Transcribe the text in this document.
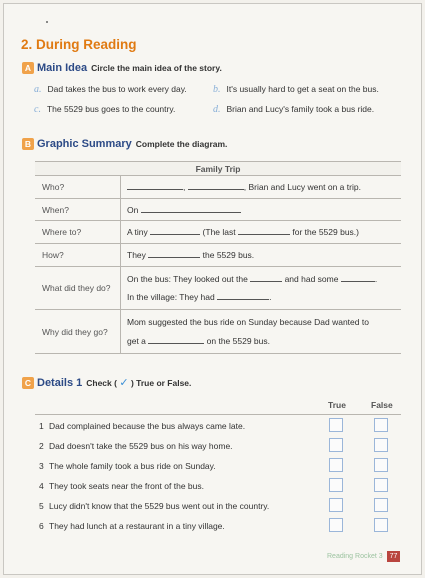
2. During Reading
A Main Idea Circle the main idea of the story.
a. Dad takes the bus to work every day.	b. It's usually hard to get a seat on the bus.
c. The 5529 bus goes to the country.	d. Brian and Lucy's family took a bus ride.
B Graphic Summary Complete the diagram.
Family Trip
Who?	,	, Brian and Lucy went on a trip.
When?	On
Where to?	A tiny	(The last	for the 5529 bus.)
How?	They	the 5529 bus.
What did they do?
On the bus: They looked out the	and had some	.
In the village: They had	.
Why did they go?
Mom suggested the bus ride on Sunday because Dad wanted to
get a	on the 5529 bus.
C Details 1 Check ( ✓ ) True or False.
True	False
1 Dad complained because the bus always came late.
2 Dad doesn't take the 5529 bus on his way home.
3 The whole family took a bus ride on Sunday.
4 They took seats near the front of the bus.
5 Lucy didn't know that the 5529 bus went out in the country.
6 They had lunch at a restaurant in a tiny village.
Reading Rocket 3 77
